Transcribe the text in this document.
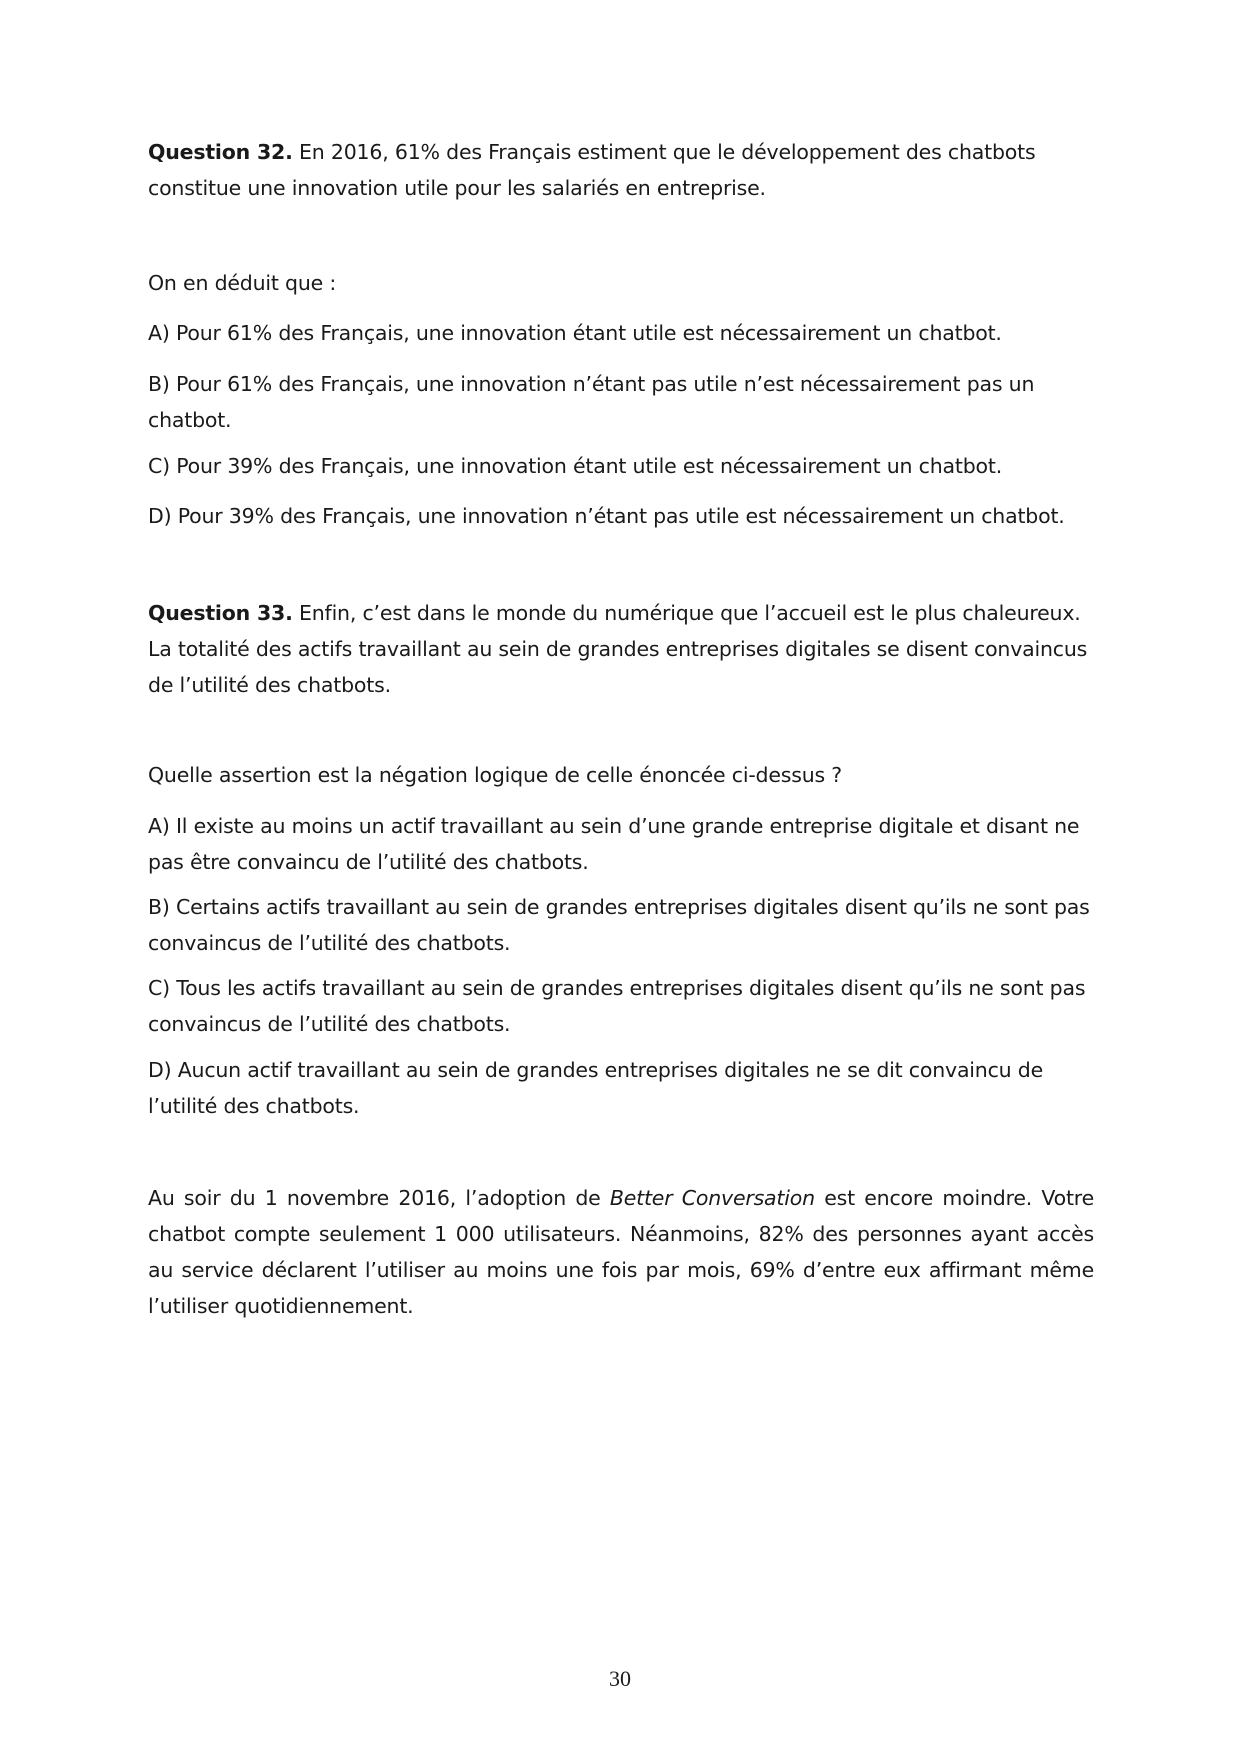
Question 32. En 2016, 61% des Français estiment que le développement des chatbots constitue une innovation utile pour les salariés en entreprise.

On en déduit que :
A) Pour 61% des Français, une innovation étant utile est nécessairement un chatbot.
B) Pour 61% des Français, une innovation n’étant pas utile n’est nécessairement pas un chatbot.
C) Pour 39% des Français, une innovation étant utile est nécessairement un chatbot.
D) Pour 39% des Français, une innovation n’étant pas utile est nécessairement un chatbot.

Question 33. Enfin, c’est dans le monde du numérique que l’accueil est le plus chaleureux. La totalité des actifs travaillant au sein de grandes entreprises digitales se disent convaincus de l’utilité des chatbots.

Quelle assertion est la négation logique de celle énoncée ci-dessus ?
A) Il existe au moins un actif travaillant au sein d’une grande entreprise digitale et disant ne pas être convaincu de l’utilité des chatbots.
B) Certains actifs travaillant au sein de grandes entreprises digitales disent qu’ils ne sont pas convaincus de l’utilité des chatbots.
C) Tous les actifs travaillant au sein de grandes entreprises digitales disent qu’ils ne sont pas convaincus de l’utilité des chatbots.
D) Aucun actif travaillant au sein de grandes entreprises digitales ne se dit convaincu de l’utilité des chatbots.

Au soir du 1 novembre 2016, l’adoption de Better Conversation est encore moindre. Votre chatbot compte seulement 1 000 utilisateurs. Néanmoins, 82% des personnes ayant accès au service déclarent l’utiliser au moins une fois par mois, 69% d’entre eux affirmant même l’utiliser quotidiennement.

30
